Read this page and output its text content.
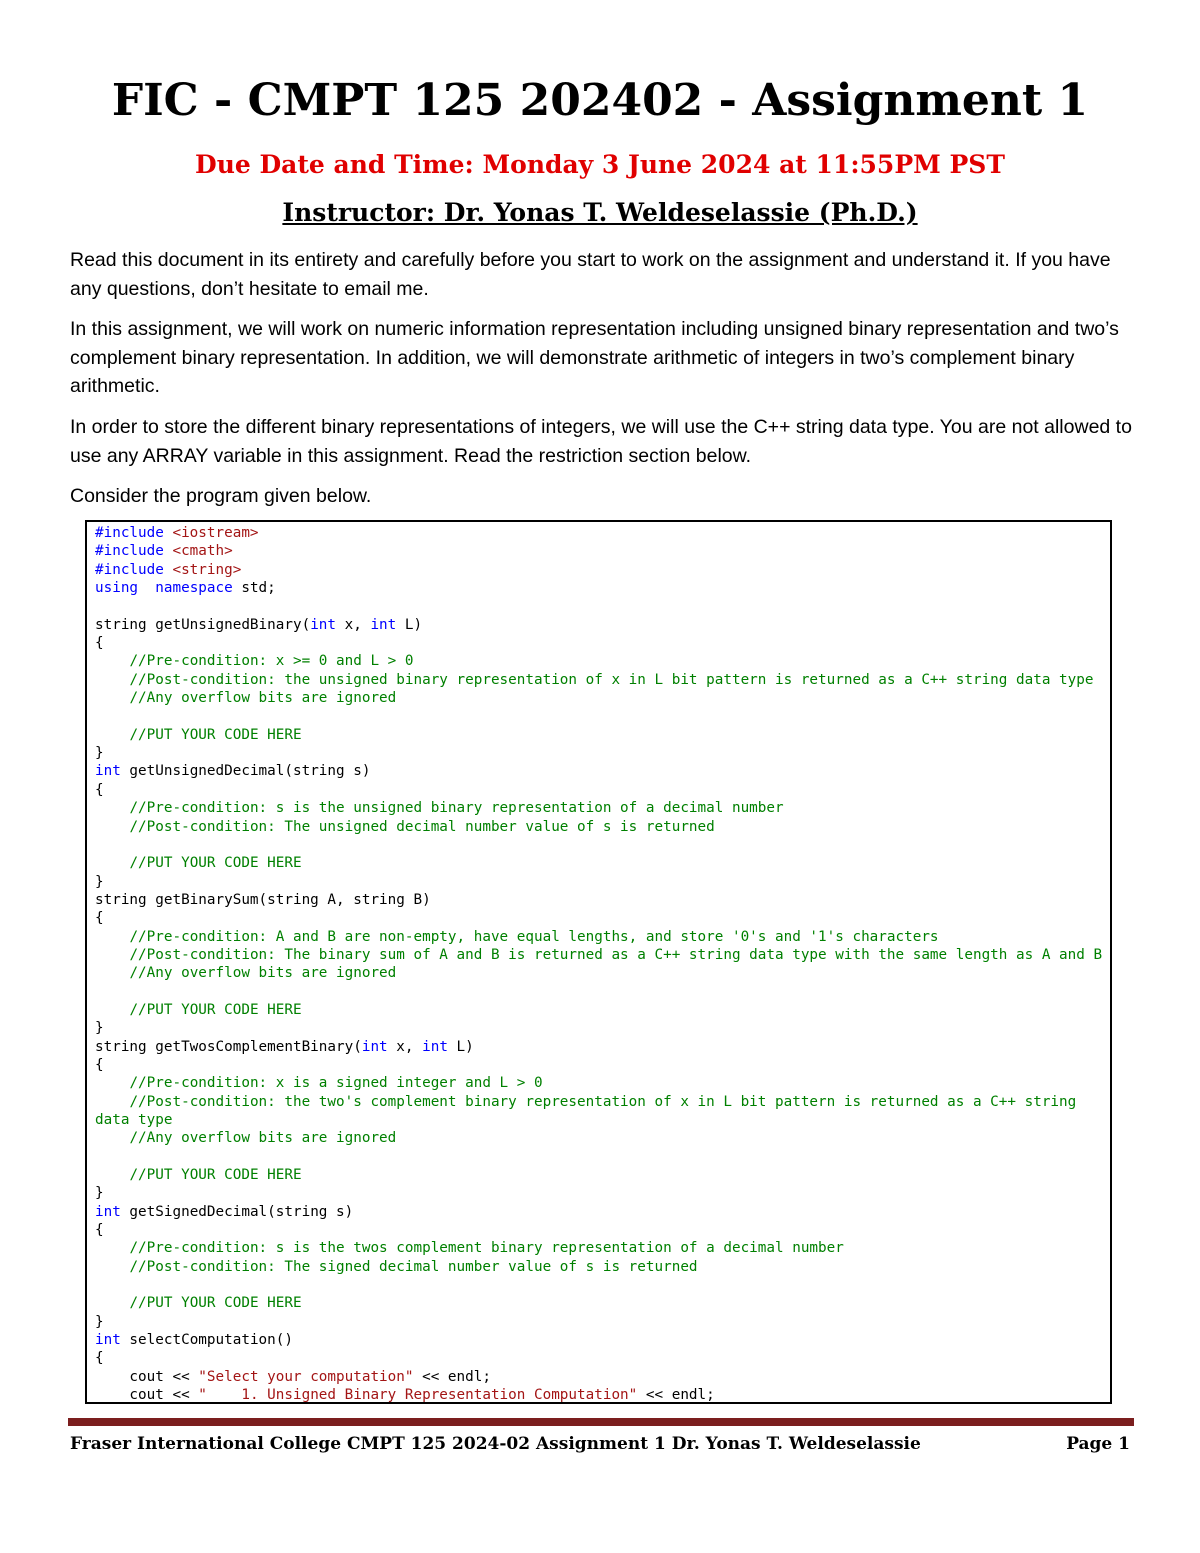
FIC - CMPT 125 202402 - Assignment 1
Due Date and Time: Monday 3 June 2024 at 11:55PM PST
Instructor: Dr. Yonas T. Weldeselassie (Ph.D.)
Read this document in its entirety and carefully before you start to work on the assignment and understand it. If you have any questions, don’t hesitate to email me.
In this assignment, we will work on numeric information representation including unsigned binary representation and two’s complement binary representation. In addition, we will demonstrate arithmetic of integers in two’s complement binary arithmetic.
In order to store the different binary representations of integers, we will use the C++ string data type. You are not allowed to use any ARRAY variable in this assignment. Read the restriction section below.
Consider the program given below.
#include <iostream>
#include <cmath>
#include <string>
using namespace std;
string getUnsignedBinary(int x, int L)
{
//Pre-condition: x >= 0 and L > 0
//Post-condition: the unsigned binary representation of x in L bit pattern is returned as a C++ string data type
//Any overflow bits are ignored
//PUT YOUR CODE HERE
}
int getUnsignedDecimal(string s)
{
//Pre-condition: s is the unsigned binary representation of a decimal number
//Post-condition: The unsigned decimal number value of s is returned
//PUT YOUR CODE HERE
}
string getBinarySum(string A, string B)
{
//Pre-condition: A and B are non-empty, have equal lengths, and store '0's and '1's characters
//Post-condition: The binary sum of A and B is returned as a C++ string data type with the same length as A and B
//Any overflow bits are ignored
//PUT YOUR CODE HERE
}
string getTwosComplementBinary(int x, int L)
{
//Pre-condition: x is a signed integer and L > 0
//Post-condition: the two's complement binary representation of x in L bit pattern is returned as a C++ string
data type
//Any overflow bits are ignored
//PUT YOUR CODE HERE
}
int getSignedDecimal(string s)
{
//Pre-condition: s is the twos complement binary representation of a decimal number
//Post-condition: The signed decimal number value of s is returned
//PUT YOUR CODE HERE
}
int selectComputation()
{
cout << "Select your computation" << endl;
cout << "    1. Unsigned Binary Representation Computation" << endl;
Fraser International College CMPT 125 2024-02 Assignment 1 Dr. Yonas T. Weldeselassie	Page 1
